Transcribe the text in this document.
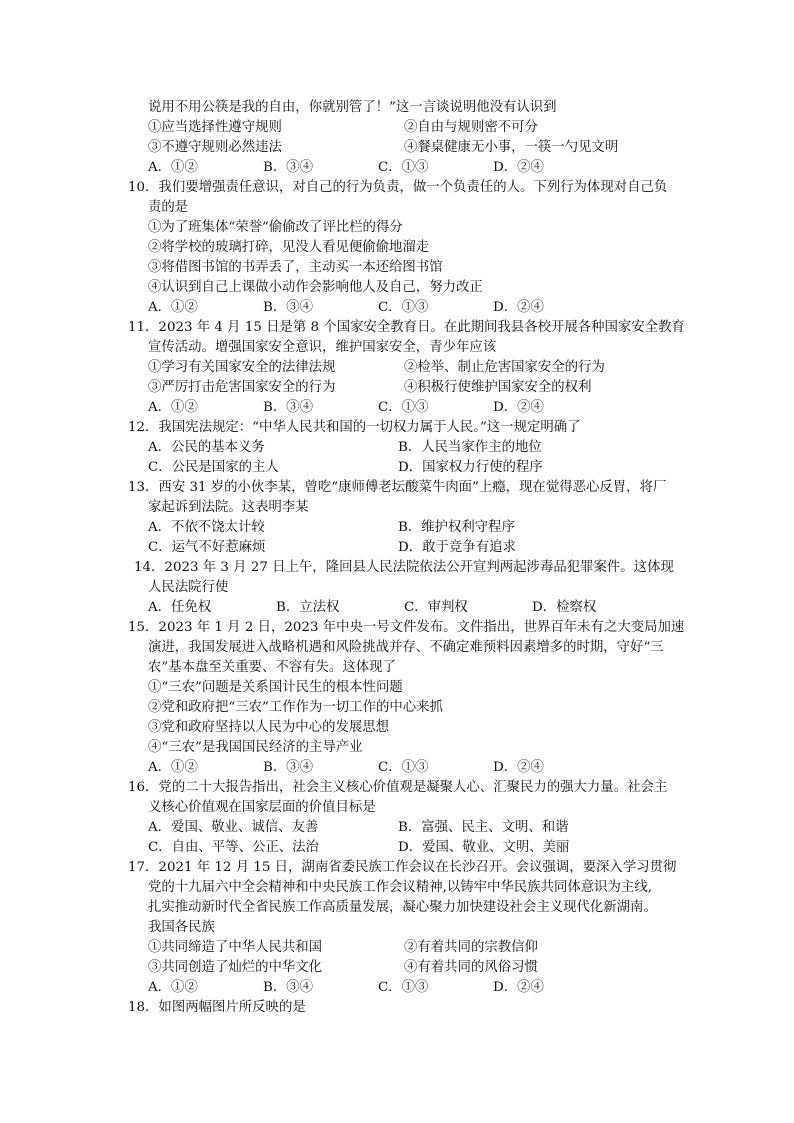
说用不用公筷是我的自由，你就别管了！”这一言谈说明他没有认识到
①应当选择性遵守规则	②自由与规则密不可分
③不遵守规则必然违法	④餐桌健康无小事，一筷一勺见文明
A．①②	B．③④	C．①③	D．②④
10．我们要增强责任意识，对自己的行为负责，做一个负责任的人。下列行为体现对自己负
责的是
①为了班集体“荣誉”偷偷改了评比栏的得分
②将学校的玻璃打碎，见没人看见便偷偷地溜走
③将借图书馆的书弄丢了，主动买一本还给图书馆
④认识到自己上课做小动作会影响他人及自己，努力改正
A．①②	B．③④	C．①③	D．②④
11．2023 年 4 月 15 日是第 8 个国家安全教育日。在此期间我县各校开展各种国家安全教育
宣传活动。增强国家安全意识，维护国家安全，青少年应该
①学习有关国家安全的法律法规	②检举、制止危害国家安全的行为
③严厉打击危害国家安全的行为	④积极行使维护国家安全的权利
A．①②	B．③④	C．①③	D．②④
12．我国宪法规定：“中华人民共和国的一切权力属于人民。”这一规定明确了
A．公民的基本义务	B．人民当家作主的地位
C．公民是国家的主人	D．国家权力行使的程序
13．西安 31 岁的小伙李某，曾吃“康师傅老坛酸菜牛肉面”上瘾，现在觉得恶心反胃，将厂
家起诉到法院。这表明李某
A．不依不饶太计较	B．维护权利守程序
C．运气不好惹麻烦	D．敢于竞争有追求
14．2023 年 3 月 27 日上午，隆回县人民法院依法公开宣判两起涉毒品犯罪案件。这体现
人民法院行使
A．任免权	B．立法权	C．审判权	D．检察权
15．2023 年 1 月 2 日，2023 年中央一号文件发布。文件指出，世界百年未有之大变局加速
演进，我国发展进入战略机遇和风险挑战并存、不确定难预料因素增多的时期，守好“三
农”基本盘至关重要、不容有失。这体现了
①“三农”问题是关系国计民生的根本性问题
②党和政府把“三农”工作作为一切工作的中心来抓
③党和政府坚持以人民为中心的发展思想
④“三农”是我国国民经济的主导产业
A．①②	B．③④	C．①③	D．②④
16．党的二十大报告指出，社会主义核心价值观是凝聚人心、汇聚民力的强大力量。社会主
义核心价值观在国家层面的价值目标是
A．爱国、敬业、诚信、友善	B．富强、民主、文明、和谐
C．自由、平等、公正、法治	D．爱国、敬业、文明、美丽
17．2021 年 12 月 15 日，湖南省委民族工作会议在长沙召开。会议强调，要深入学习贯彻
党的十九届六中全会精神和中央民族工作会议精神,以铸牢中华民族共同体意识为主线,
扎实推动新时代全省民族工作高质量发展，凝心聚力加快建设社会主义现代化新湖南。
我国各民族
①共同缔造了中华人民共和国	②有着共同的宗教信仰
③共同创造了灿烂的中华文化	④有着共同的风俗习惯
A．①②	B．③④	C．①③	D．②④
18．如图两幅图片所反映的是
